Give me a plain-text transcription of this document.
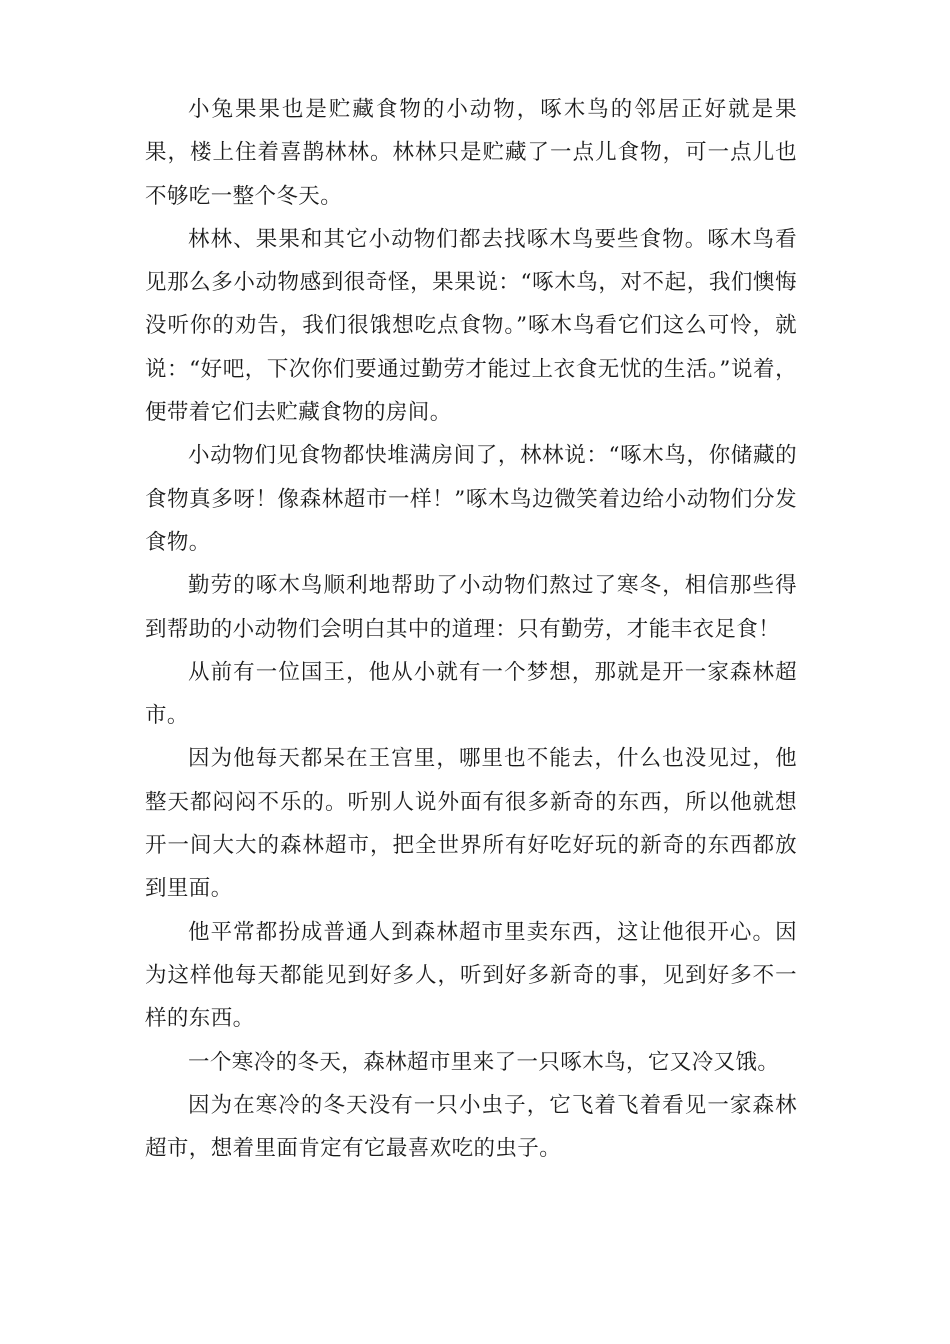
小兔果果也是贮藏食物的小动物，啄木鸟的邻居正好就是果果，楼上住着喜鹊林林。林林只是贮藏了一点儿食物，可一点儿也不够吃一整个冬天。

林林、果果和其它小动物们都去找啄木鸟要些食物。啄木鸟看见那么多小动物感到很奇怪，果果说：“啄木鸟，对不起，我们懊悔没听你的劝告，我们很饿想吃点食物。”啄木鸟看它们这么可怜，就说：“好吧，下次你们要通过勤劳才能过上衣食无忧的生活。”说着，便带着它们去贮藏食物的房间。

小动物们见食物都快堆满房间了，林林说：“啄木鸟，你储藏的食物真多呀！像森林超市一样！”啄木鸟边微笑着边给小动物们分发食物。

勤劳的啄木鸟顺利地帮助了小动物们熬过了寒冬，相信那些得到帮助的小动物们会明白其中的道理：只有勤劳，才能丰衣足食！

从前有一位国王，他从小就有一个梦想，那就是开一家森林超市。

因为他每天都呆在王宫里，哪里也不能去，什么也没见过，他整天都闷闷不乐的。听别人说外面有很多新奇的东西，所以他就想开一间大大的森林超市，把全世界所有好吃好玩的新奇的东西都放到里面。

他平常都扮成普通人到森林超市里卖东西，这让他很开心。因为这样他每天都能见到好多人，听到好多新奇的事，见到好多不一样的东西。

一个寒冷的冬天，森林超市里来了一只啄木鸟，它又冷又饿。

因为在寒冷的冬天没有一只小虫子，它飞着飞着看见一家森林超市，想着里面肯定有它最喜欢吃的虫子。
